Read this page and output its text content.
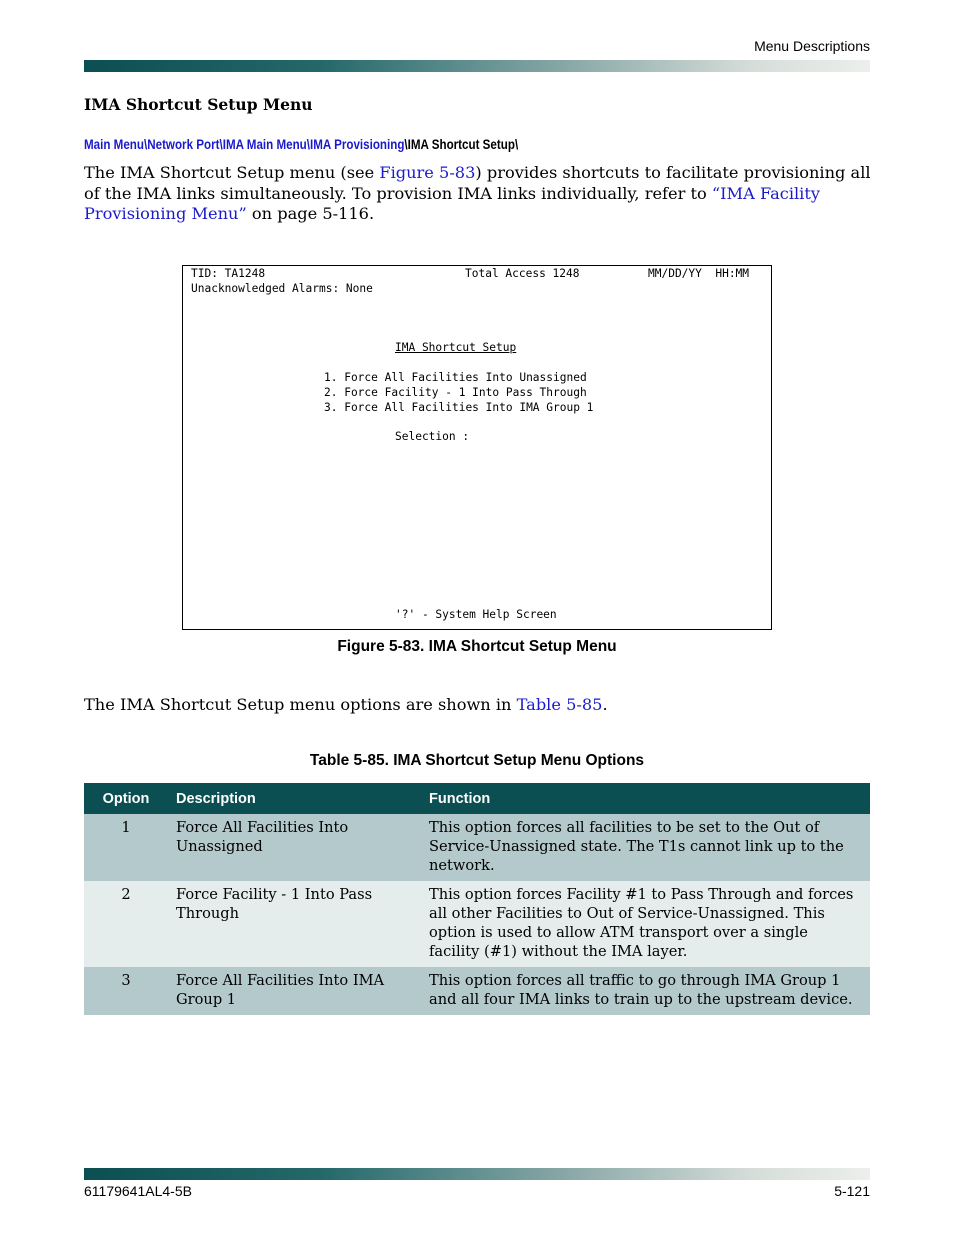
Menu Descriptions
IMA Shortcut Setup Menu
Main Menu\Network Port\IMA Main Menu\IMA Provisioning\IMA Shortcut Setup\
The IMA Shortcut Setup menu (see Figure 5-83) provides shortcuts to facilitate provisioning all of the IMA links simultaneously. To provision IMA links individually, refer to “IMA Facility Provisioning Menu” on page 5-116.
TID: TA1248	Total Access 1248	MM/DD/YY  HH:MM
Unacknowledged Alarms: None
IMA Shortcut Setup
1. Force All Facilities Into Unassigned
2. Force Facility - 1 Into Pass Through
3. Force All Facilities Into IMA Group 1
Selection :
'?' - System Help Screen
Figure 5-83. IMA Shortcut Setup Menu
The IMA Shortcut Setup menu options are shown in Table 5-85.
Table 5-85. IMA Shortcut Setup Menu Options
Option	Description	Function
1	Force All Facilities Into Unassigned	This option forces all facilities to be set to the Out of Service-Unassigned state. The T1s cannot link up to the network.
2	Force Facility - 1 Into Pass Through	This option forces Facility #1 to Pass Through and forces all other Facilities to Out of Service-Unassigned. This option is used to allow ATM transport over a single facility (#1) without the IMA layer.
3	Force All Facilities Into IMA Group 1	This option forces all traffic to go through IMA Group 1 and all four IMA links to train up to the upstream device.
61179641AL4-5B	5-121
